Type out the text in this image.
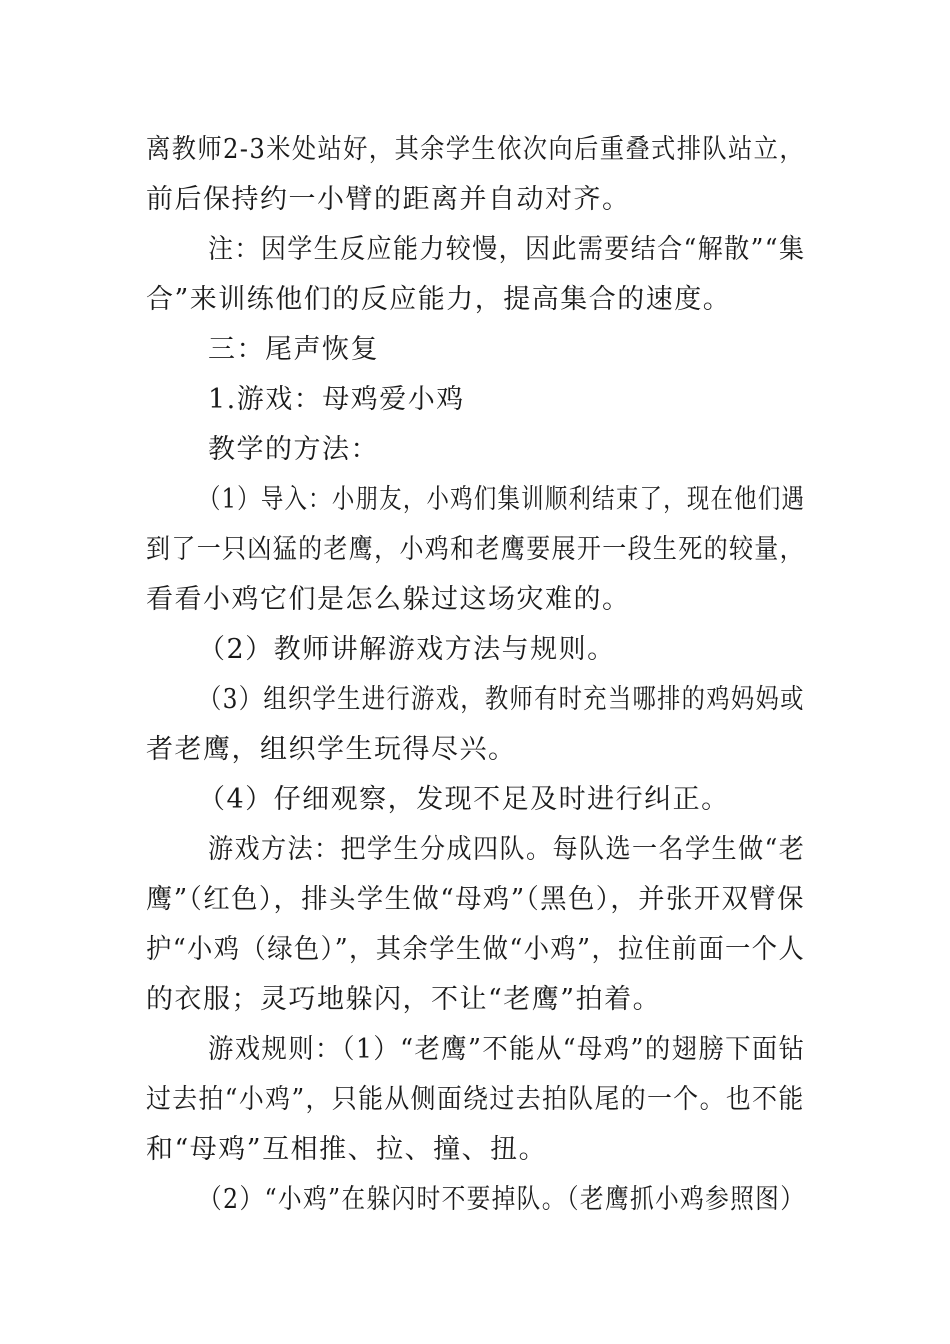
离教师2-3米处站好，其余学生依次向后重叠式排队站立，
前后保持约一小臂的距离并自动对齐。
注：因学生反应能力较慢，因此需要结合“解散”“集
合”来训练他们的反应能力，提高集合的速度。
三：尾声恢复
1.游戏：母鸡爱小鸡
教学的方法：
（1）导入：小朋友，小鸡们集训顺利结束了，现在他们遇
到了一只凶猛的老鹰，小鸡和老鹰要展开一段生死的较量，
看看小鸡它们是怎么躲过这场灾难的。
（2）教师讲解游戏方法与规则。
（3）组织学生进行游戏，教师有时充当哪排的鸡妈妈或
者老鹰，组织学生玩得尽兴。
（4）仔细观察，发现不足及时进行纠正。
游戏方法：把学生分成四队。每队选一名学生做“老
鹰”（红色），排头学生做“母鸡”（黑色），并张开双臂保
护“小鸡（绿色）”，其余学生做“小鸡”，拉住前面一个人
的衣服；灵巧地躲闪，不让“老鹰”拍着。
游戏规则：（1）“老鹰”不能从“母鸡”的翅膀下面钻
过去拍“小鸡”，只能从侧面绕过去拍队尾的一个。也不能
和“母鸡”互相推、拉、撞、扭。
（2）“小鸡”在躲闪时不要掉队。（老鹰抓小鸡参照图）
